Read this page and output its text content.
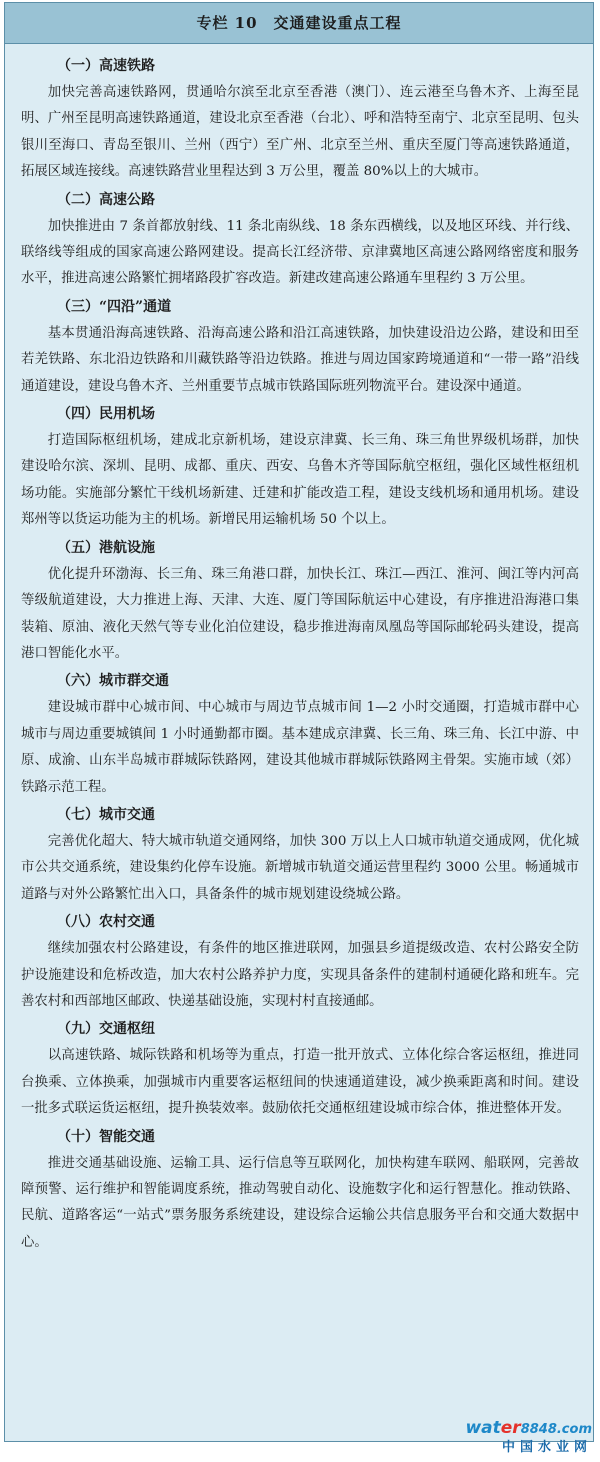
专栏 10　交通建设重点工程
（一）高速铁路

加快完善高速铁路网，贯通哈尔滨至北京至香港（澳门）、连云港至乌鲁木齐、上海至昆明、广州至昆明高速铁路通道，建设北京至香港（台北）、呼和浩特至南宁、北京至昆明、包头银川至海口、青岛至银川、兰州（西宁）至广州、北京至兰州、重庆至厦门等高速铁路通道，拓展区域连接线。高速铁路营业里程达到 3 万公里，覆盖 80%以上的大城市。

（二）高速公路

加快推进由 7 条首都放射线、11 条北南纵线、18 条东西横线，以及地区环线、并行线、联络线等组成的国家高速公路网建设。提高长江经济带、京津冀地区高速公路网络密度和服务水平，推进高速公路繁忙拥堵路段扩容改造。新建改建高速公路通车里程约 3 万公里。

（三）“四沿”通道

基本贯通沿海高速铁路、沿海高速公路和沿江高速铁路，加快建设沿边公路，建设和田至若羌铁路、东北沿边铁路和川藏铁路等沿边铁路。推进与周边国家跨境通道和“一带一路”沿线通道建设，建设乌鲁木齐、兰州重要节点城市铁路国际班列物流平台。建设深中通道。

（四）民用机场

打造国际枢纽机场，建成北京新机场，建设京津冀、长三角、珠三角世界级机场群，加快建设哈尔滨、深圳、昆明、成都、重庆、西安、乌鲁木齐等国际航空枢纽，强化区域性枢纽机场功能。实施部分繁忙干线机场新建、迁建和扩能改造工程，建设支线机场和通用机场。建设郑州等以货运功能为主的机场。新增民用运输机场 50 个以上。

（五）港航设施

优化提升环渤海、长三角、珠三角港口群，加快长江、珠江—西江、淮河、闽江等内河高等级航道建设，大力推进上海、天津、大连、厦门等国际航运中心建设，有序推进沿海港口集装箱、原油、液化天然气等专业化泊位建设，稳步推进海南凤凰岛等国际邮轮码头建设，提高港口智能化水平。

（六）城市群交通

建设城市群中心城市间、中心城市与周边节点城市间 1—2 小时交通圈，打造城市群中心城市与周边重要城镇间 1 小时通勤都市圈。基本建成京津冀、长三角、珠三角、长江中游、中原、成渝、山东半岛城市群城际铁路网，建设其他城市群城际铁路网主骨架。实施市域（郊）铁路示范工程。

（七）城市交通

完善优化超大、特大城市轨道交通网络，加快 300 万以上人口城市轨道交通成网，优化城市公共交通系统，建设集约化停车设施。新增城市轨道交通运营里程约 3000 公里。畅通城市道路与对外公路繁忙出入口，具备条件的城市规划建设绕城公路。

（八）农村交通

继续加强农村公路建设，有条件的地区推进联网，加强县乡道提级改造、农村公路安全防护设施建设和危桥改造，加大农村公路养护力度，实现具备条件的建制村通硬化路和班车。完善农村和西部地区邮政、快递基础设施，实现村村直接通邮。

（九）交通枢纽

以高速铁路、城际铁路和机场等为重点，打造一批开放式、立体化综合客运枢纽，推进同台换乘、立体换乘，加强城市内重要客运枢纽间的快速通道建设，减少换乘距离和时间。建设一批多式联运货运枢纽，提升换装效率。鼓励依托交通枢纽建设城市综合体，推进整体开发。

（十）智能交通

推进交通基础设施、运输工具、运行信息等互联网化，加快构建车联网、船联网，完善故障预警、运行维护和智能调度系统，推动驾驶自动化、设施数字化和运行智慧化。推动铁路、民航、道路客运“一站式”票务服务系统建设，建设综合运输公共信息服务平台和交通大数据中心。

water8848.com
中国水业网
